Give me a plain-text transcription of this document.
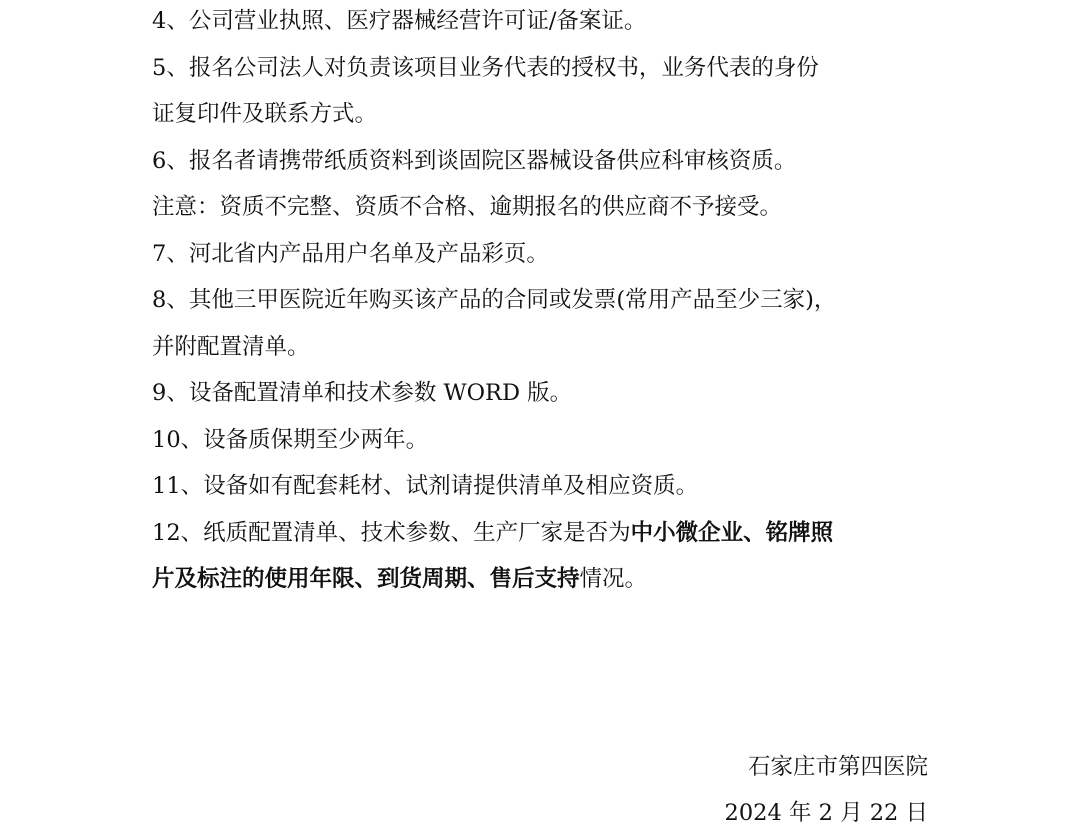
4、公司营业执照、医疗器械经营许可证/备案证。

5、报名公司法人对负责该项目业务代表的授权书，业务代表的身份

证复印件及联系方式。

6、报名者请携带纸质资料到谈固院区器械设备供应科审核资质。

注意：资质不完整、资质不合格、逾期报名的供应商不予接受。

7、河北省内产品用户名单及产品彩页。

8、其他三甲医院近年购买该产品的合同或发票(常用产品至少三家)，

并附配置清单。

9、设备配置清单和技术参数 WORD 版。

10、设备质保期至少两年。

11、设备如有配套耗材、试剂请提供清单及相应资质。

12、纸质配置清单、技术参数、生产厂家是否为中小微企业、铭牌照

片及标注的使用年限、到货周期、售后支持情况。

石家庄市第四医院
2024 年 2 月 22 日
